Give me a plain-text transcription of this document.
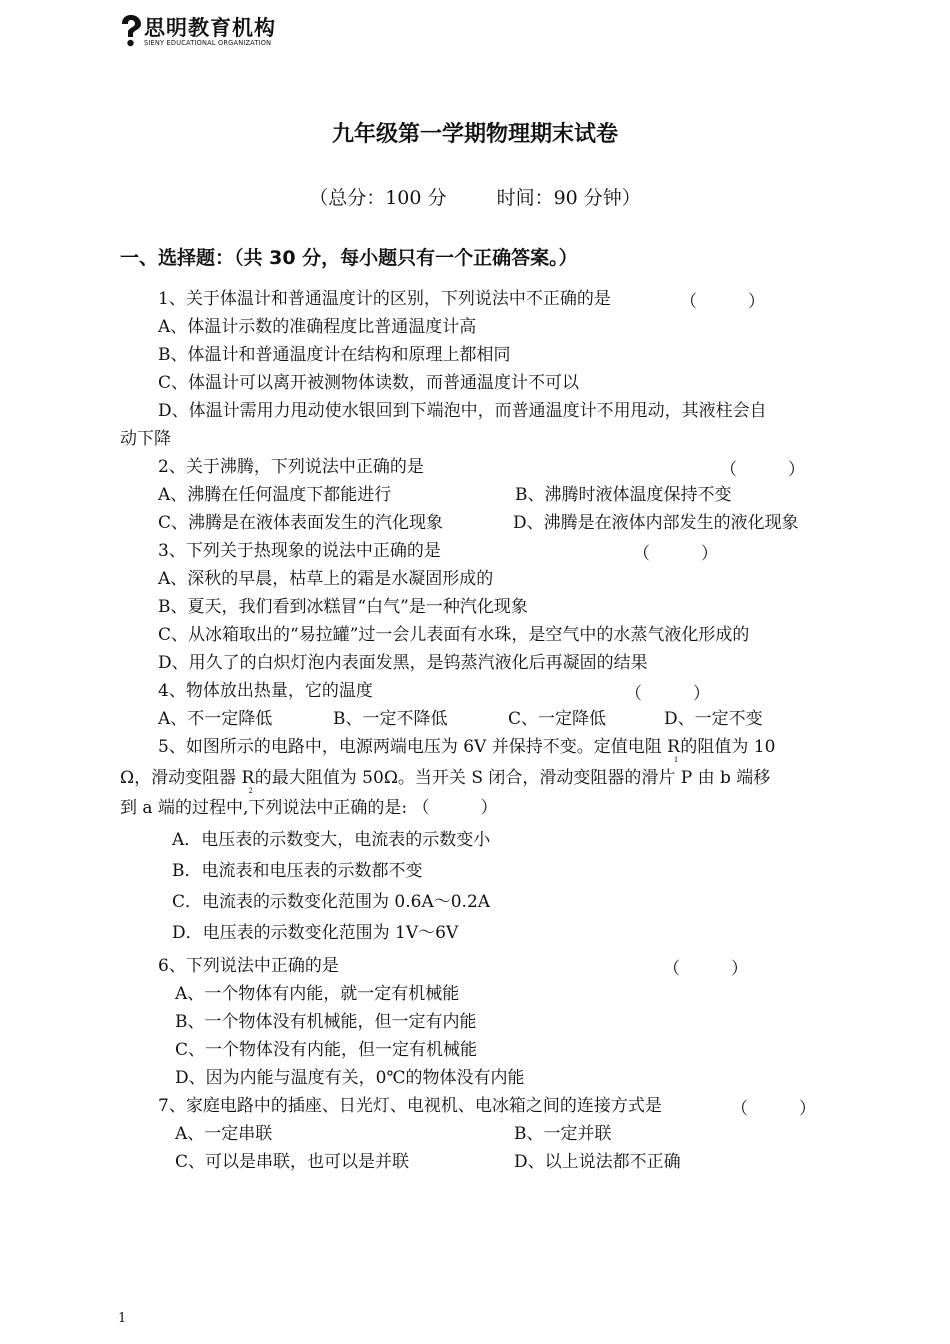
思明教育机构
SIENY EDUCATIONAL ORGANIZATION
九年级第一学期物理期末试卷
（总分：100 分	时间：90 分钟）
一、选择题：（共 30 分，每小题只有一个正确答案。）
1、关于体温计和普通温度计的区别，下列说法中不正确的是	（　　　）
A、体温计示数的准确程度比普通温度计高
B、体温计和普通温度计在结构和原理上都相同
C、体温计可以离开被测物体读数，而普通温度计不可以
D、体温计需用力甩动使水银回到下端泡中，而普通温度计不用甩动，其液柱会自
动下降
2、关于沸腾，下列说法中正确的是	（　　　）
A、沸腾在任何温度下都能进行	B、沸腾时液体温度保持不变
C、沸腾是在液体表面发生的汽化现象	D、沸腾是在液体内部发生的液化现象
3、下列关于热现象的说法中正确的是	（　　　）
A、深秋的早晨，枯草上的霜是水凝固形成的
B、夏天，我们看到冰糕冒“白气”是一种汽化现象
C、从冰箱取出的“易拉罐”过一会儿表面有水珠，是空气中的水蒸气液化形成的
D、用久了的白炽灯泡内表面发黑，是钨蒸汽液化后再凝固的结果
4、物体放出热量，它的温度	（　　　）
A、不一定降低	B、一定不降低	C、一定降低	D、一定不变
5、如图所示的电路中，电源两端电压为 6V 并保持不变。定值电阻 $R_1$的阻值为 10
Ω，滑动变阻器 $R_2$的最大阻值为 50Ω。当开关 S 闭合，滑动变阻器的滑片 P 由 b 端移
到 a 端的过程中,下列说法中正确的是: （　　　）
A．电压表的示数变大，电流表的示数变小
B．电流表和电压表的示数都不变
C．电流表的示数变化范围为 0.6A～0.2A
D．电压表的示数变化范围为 1V～6V
6、下列说法中正确的是	（　　　）
A、一个物体有内能，就一定有机械能
B、一个物体没有机械能，但一定有内能
C、一个物体没有内能，但一定有机械能
D、因为内能与温度有关，0℃的物体没有内能
7、家庭电路中的插座、日光灯、电视机、电冰箱之间的连接方式是	（　　　）
A、一定串联	B、一定并联
C、可以是串联，也可以是并联	D、以上说法都不正确
1
